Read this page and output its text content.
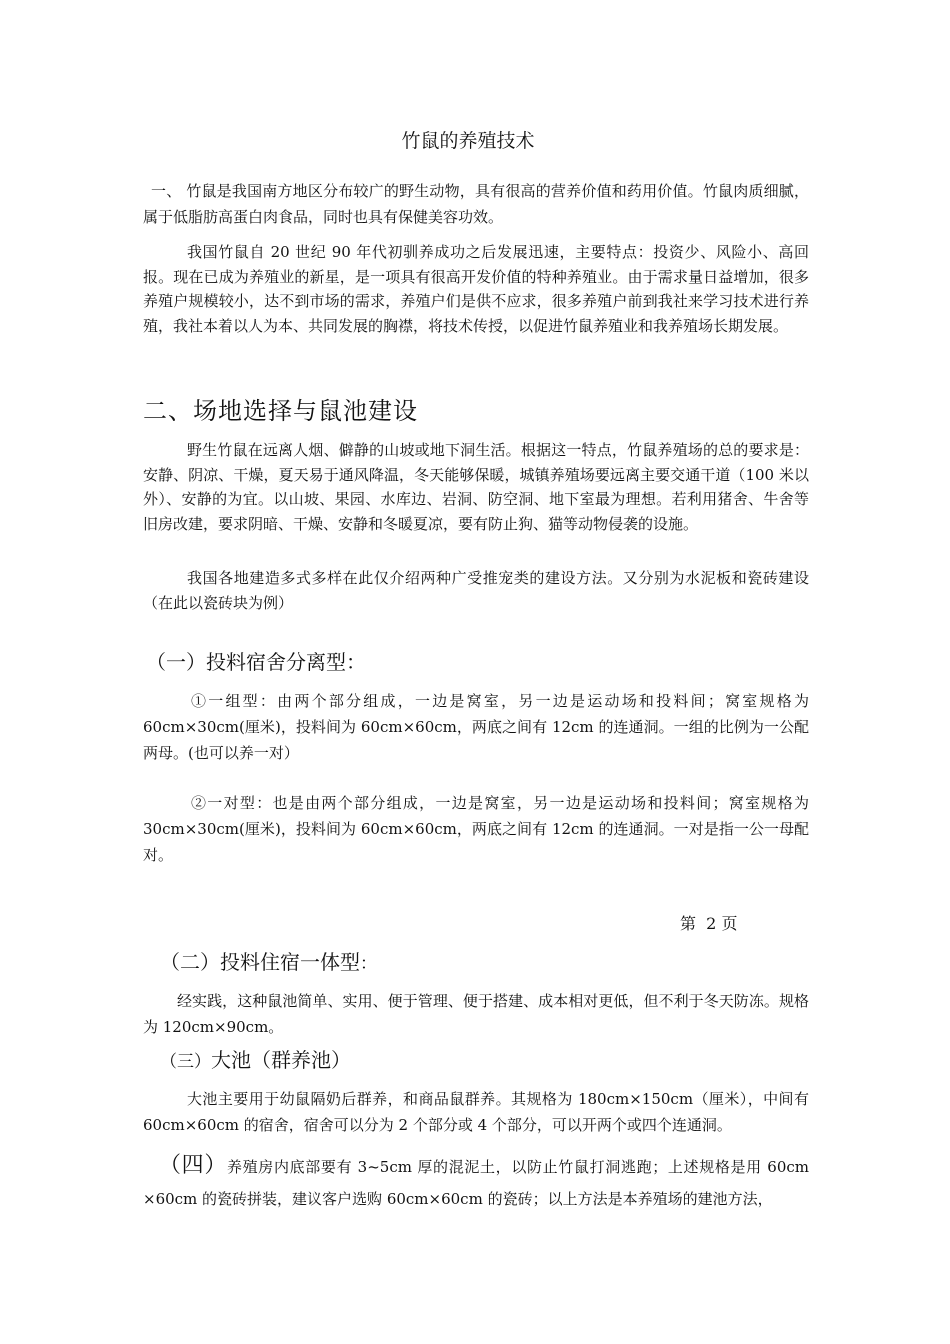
竹鼠的养殖技术
一、 竹鼠是我国南方地区分布较广的野生动物，具有很高的营养价值和药用价值。竹鼠肉质细腻，属于低脂肪高蛋白肉食品，同时也具有保健美容功效。
我国竹鼠自 20 世纪 90 年代初驯养成功之后发展迅速，主要特点：投资少、风险小、高回报。现在已成为养殖业的新星，是一项具有很高开发价值的特种养殖业。由于需求量日益增加，很多养殖户规模较小，达不到市场的需求，养殖户们是供不应求，很多养殖户前到我社来学习技术进行养殖，我社本着以人为本、共同发展的胸襟，将技术传授，以促进竹鼠养殖业和我养殖场长期发展。
二、场地选择与鼠池建设
野生竹鼠在远离人烟、僻静的山坡或地下洞生活。根据这一特点，竹鼠养殖场的总的要求是：安静、阴凉、干燥，夏天易于通风降温，冬天能够保暖，城镇养殖场要远离主要交通干道（100 米以外）、安静的为宜。以山坡、果园、水库边、岩洞、防空洞、地下室最为理想。若利用猪舍、牛舍等旧房改建，要求阴暗、干燥、安静和冬暖夏凉，要有防止狗、猫等动物侵袭的设施。
我国各地建造多式多样在此仅介绍两种广受推宠类的建设方法。又分别为水泥板和瓷砖建设（在此以瓷砖块为例）
（一）投料宿舍分离型：
①一组型：由两个部分组成，一边是窝室，另一边是运动场和投料间；窝室规格为 60cm×30cm(厘米)，投料间为 60cm×60cm，两底之间有 12cm 的连通洞。一组的比例为一公配两母。(也可以养一对）
②一对型：也是由两个部分组成，一边是窝室，另一边是运动场和投料间；窝室规格为 30cm×30cm(厘米)，投料间为 60cm×60cm，两底之间有 12cm 的连通洞。一对是指一公一母配对。
第  2 页
（二）投料住宿一体型：
经实践，这种鼠池简单、实用、便于管理、便于搭建、成本相对更低，但不利于冬天防冻。规格为 120cm×90cm。
（三）大池（群养池）
大池主要用于幼鼠隔奶后群养，和商品鼠群养。其规格为 180cm×150cm（厘米），中间有 60cm×60cm 的宿舍，宿舍可以分为 2 个部分或 4 个部分，可以开两个或四个连通洞。
（四）养殖房内底部要有 3~5cm 厚的混泥土，以防止竹鼠打洞逃跑；上述规格是用 60cm ×60cm 的瓷砖拼装，建议客户选购 60cm×60cm 的瓷砖；以上方法是本养殖场的建池方法，
